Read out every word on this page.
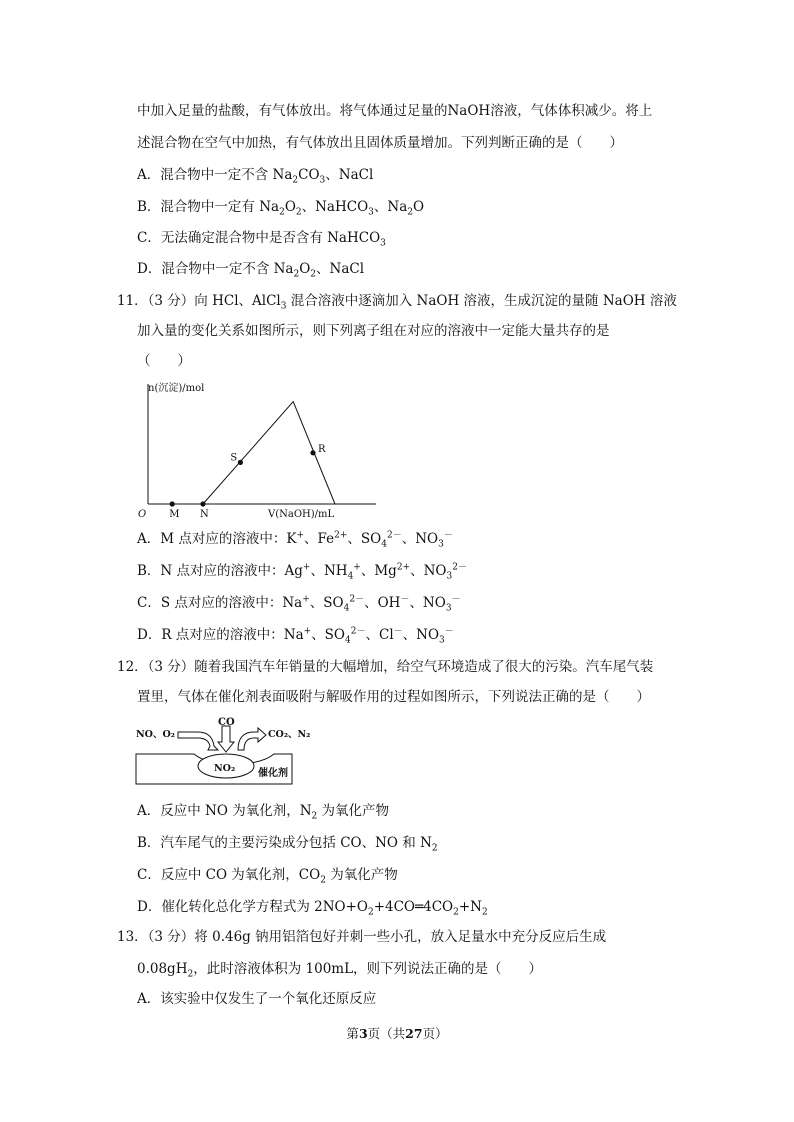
中加入足量的盐酸，有气体放出。将气体通过足量的NaOH溶液，气体体积减少。将上
述混合物在空气中加热，有气体放出且固体质量增加。下列判断正确的是（　　）
A．混合物中一定不含 $Na_2CO_3$、NaCl
B．混合物中一定有 $Na_2O_2$、NaHCO$_3$、$Na_2O$
C．无法确定混合物中是否含有 NaHCO$_3$
D．混合物中一定不含 $Na_2O_2$、NaCl
11．（3 分）向 HCl、AlCl$_3$ 混合溶液中逐滴加入 NaOH 溶液，生成沉淀的量随 NaOH 溶液
加入量的变化关系如图所示，则下列离子组在对应的溶液中一定能大量共存的是
（　　）
n(沉淀)/mol
V(NaOH)/mL
O M N
S
R
A．M 点对应的溶液中：K+、$Fe^{2+}$、$SO_4^{2-}$、$NO_3^-$
B．N 点对应的溶液中：Ag+、$NH_4^+$、$Mg^{2+}$、$NO_3^{2-}$
C．S 点对应的溶液中：Na+、$SO_4^{2-}$、OH－、$NO_3^-$
D．R 点对应的溶液中：Na+、$SO_4^{2-}$、Cl－、$NO_3^-$
12．（3 分）随着我国汽车年销量的大幅增加，给空气环境造成了很大的污染。汽车尾气装
置里，气体在催化剂表面吸附与解吸作用的过程如图所示，下列说法正确的是（　　）
NO、O₂
CO
CO₂、N₂
NO₂ 催化剂
A．反应中 NO 为氧化剂，$N_2$ 为氧化产物
B．汽车尾气的主要污染成分包括 CO、NO 和 $N_2$
C．反应中 CO 为氧化剂，$CO_2$ 为氧化产物
D．催化转化总化学方程式为 $2NO+O_2+4CO═4CO_2+N_2$
13．（3 分）将 0.46g 钠用铝箔包好并刺一些小孔，放入足量水中充分反应后生成
$0.08gH_2$，此时溶液体积为 100mL，则下列说法正确的是（　　）
A．该实验中仅发生了一个氧化还原反应
第3页（共27页）
